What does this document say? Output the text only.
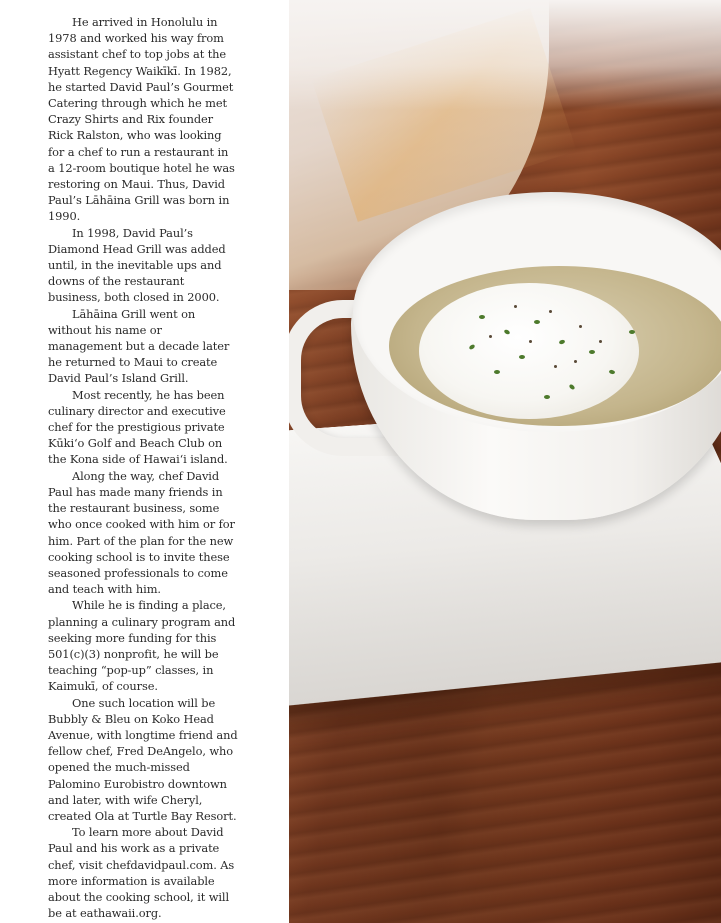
He arrived in Honolulu in 1978 and worked his way from assistant chef to top jobs at the Hyatt Regency Waikīkī. In 1982, he started David Paul’s Gourmet Catering through which he met Crazy Shirts and Rix founder Rick Ralston, who was looking for a chef to run a restaurant in a 12-room boutique hotel he was restoring on Maui. Thus, David Paul’s Lāhāina Grill was born in 1990.

In 1998, David Paul’s Diamond Head Grill was added until, in the inevitable ups and downs of the restaurant business, both closed in 2000.

Lāhāina Grill went on without his name or management but a decade later he returned to Maui to create David Paul’s Island Grill.

Most recently, he has been culinary director and executive chef for the prestigious private Kūki‘o Golf and Beach Club on the Kona side of Hawai‘i island.

Along the way, chef David Paul has made many friends in the restaurant business, some who once cooked with him or for him. Part of the plan for the new cooking school is to invite these seasoned professionals to come and teach with him.

While he is finding a place, planning a culinary program and seeking more funding for this 501(c)(3) nonprofit, he will be teaching “pop-up” classes, in Kaimukī, of course.

One such location will be Bubbly & Bleu on Koko Head Avenue, with longtime friend and fellow chef, Fred DeAngelo, who opened the much-missed Palomino Eurobistro downtown and later, with wife Cheryl, created Ola at Turtle Bay Resort.

To learn more about David Paul and his work as a private chef, visit chefdavidpaul.com. As more information is available about the cooking school, it will be at eathawaii.org.
